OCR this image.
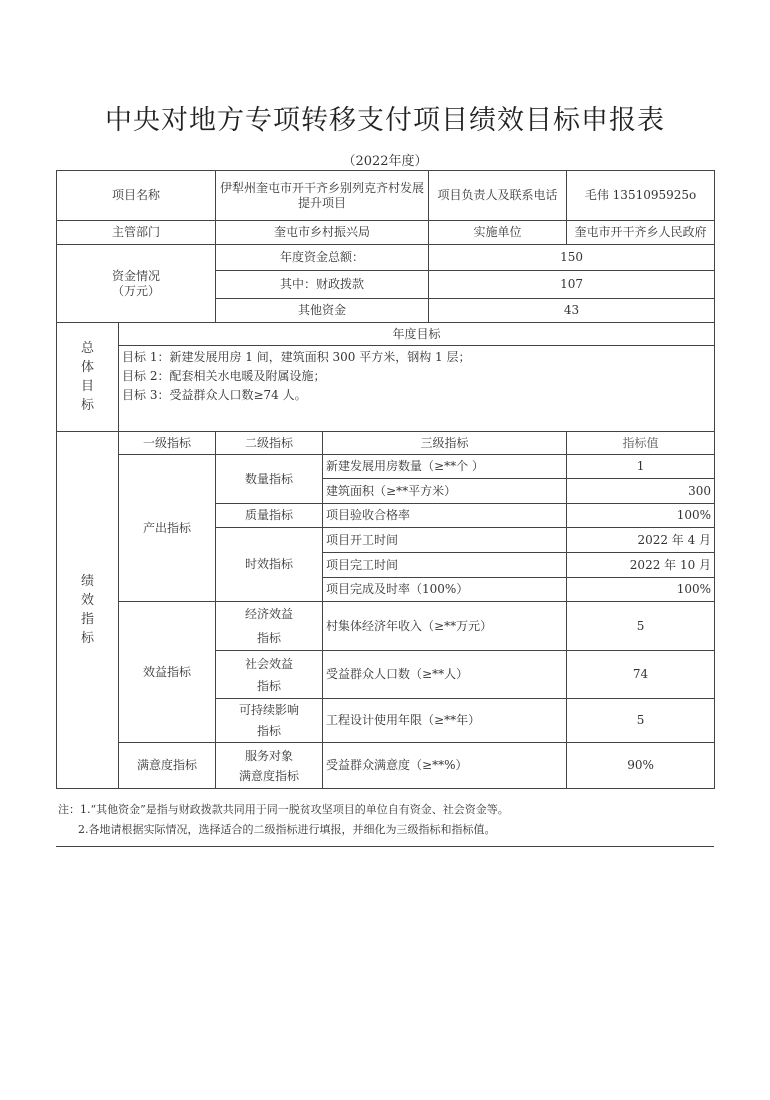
中央对地方专项转移支付项目绩效目标申报表
（2022年度）
项目名称		伊犁州奎屯市开干齐乡别列克齐村发展提升项目		项目负责人及联系电话	毛伟 1351095925o
主管部门		奎屯市乡村振兴局		实施单位	奎屯市开干齐乡人民政府
资金情况
（万元）		年度资金总额：		150	
		其中：财政拨款		107	
		其他资金		43	
总
体
目
标	年度目标				

	目标 1：新建发展用房 1 间，建筑面积 300 平方米，钢构 1 层；
目标 2：配套相关水电暖及附属设施；
目标 3：受益群众人口数≥74 人。				

绩
效
指
标	一级指标	二级指标	三级指标		指标值
	产出指标	数量指标	新建发展用房数量（≥**个 ）		1
			建筑面积（≥**平方米）		300
		质量指标	项目验收合格率		100%
		时效指标	项目开工时间		2022 年 4 月
			项目完工时间		2022 年 10 月
			项目完成及时率（100%）		100%
	效益指标	经济效益
指标	村集体经济年收入（≥**万元）		5

		社会效益
指标	受益群众人口数（≥**人）		74

		可持续影响
指标	工程设计使用年限（≥**年）		5

	满意度指标	服务对象
满意度指标	受益群众满意度（≥**%）		90%
注：1.“其他资金”是指与财政拨款共同用于同一脱贫攻坚项目的单位自有资金、社会资金等。
2.各地请根据实际情况，选择适合的二级指标进行填报，并细化为三级指标和指标值。
